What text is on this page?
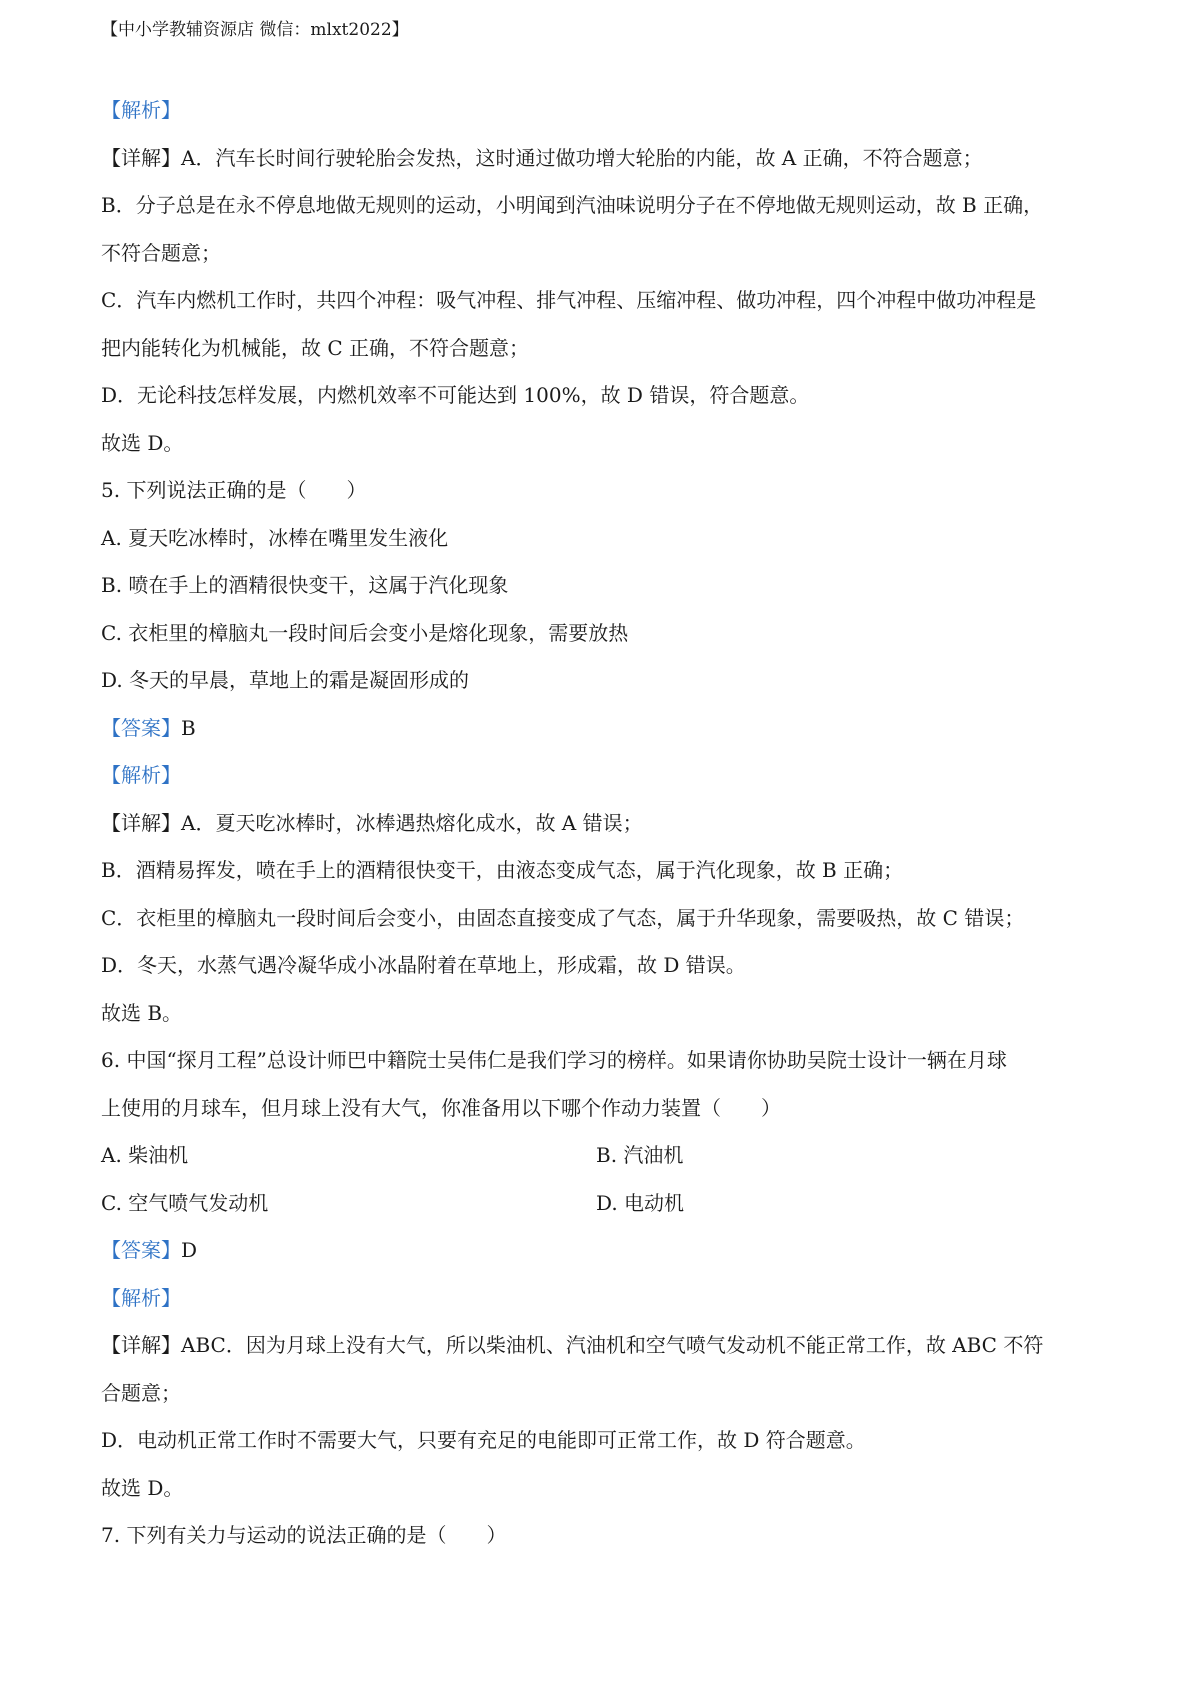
【中小学教辅资源店 微信：mlxt2022】
【解析】
【详解】A．汽车长时间行驶轮胎会发热，这时通过做功增大轮胎的内能，故 A 正确，不符合题意；
B．分子总是在永不停息地做无规则的运动，小明闻到汽油味说明分子在不停地做无规则运动，故 B 正确，
不符合题意；
C．汽车内燃机工作时，共四个冲程：吸气冲程、排气冲程、压缩冲程、做功冲程，四个冲程中做功冲程是
把内能转化为机械能，故 C 正确，不符合题意；
D．无论科技怎样发展，内燃机效率不可能达到 100%，故 D 错误，符合题意。
故选 D。
5. 下列说法正确的是（　　）
A. 夏天吃冰棒时，冰棒在嘴里发生液化
B. 喷在手上的酒精很快变干，这属于汽化现象
C. 衣柜里的樟脑丸一段时间后会变小是熔化现象，需要放热
D. 冬天的早晨，草地上的霜是凝固形成的
【答案】B
【解析】
【详解】A．夏天吃冰棒时，冰棒遇热熔化成水，故 A 错误；
B．酒精易挥发，喷在手上的酒精很快变干，由液态变成气态，属于汽化现象，故 B 正确；
C．衣柜里的樟脑丸一段时间后会变小，由固态直接变成了气态，属于升华现象，需要吸热，故 C 错误；
D．冬天，水蒸气遇冷凝华成小冰晶附着在草地上，形成霜，故 D 错误。
故选 B。
6. 中国“探月工程”总设计师巴中籍院士吴伟仁是我们学习的榜样。如果请你协助吴院士设计一辆在月球
上使用的月球车，但月球上没有大气，你准备用以下哪个作动力装置（　　）
A. 柴油机	B. 汽油机
C. 空气喷气发动机	D. 电动机
【答案】D
【解析】
【详解】ABC．因为月球上没有大气，所以柴油机、汽油机和空气喷气发动机不能正常工作，故 ABC 不符
合题意；
D．电动机正常工作时不需要大气，只要有充足的电能即可正常工作，故 D 符合题意。
故选 D。
7. 下列有关力与运动的说法正确的是（　　）
